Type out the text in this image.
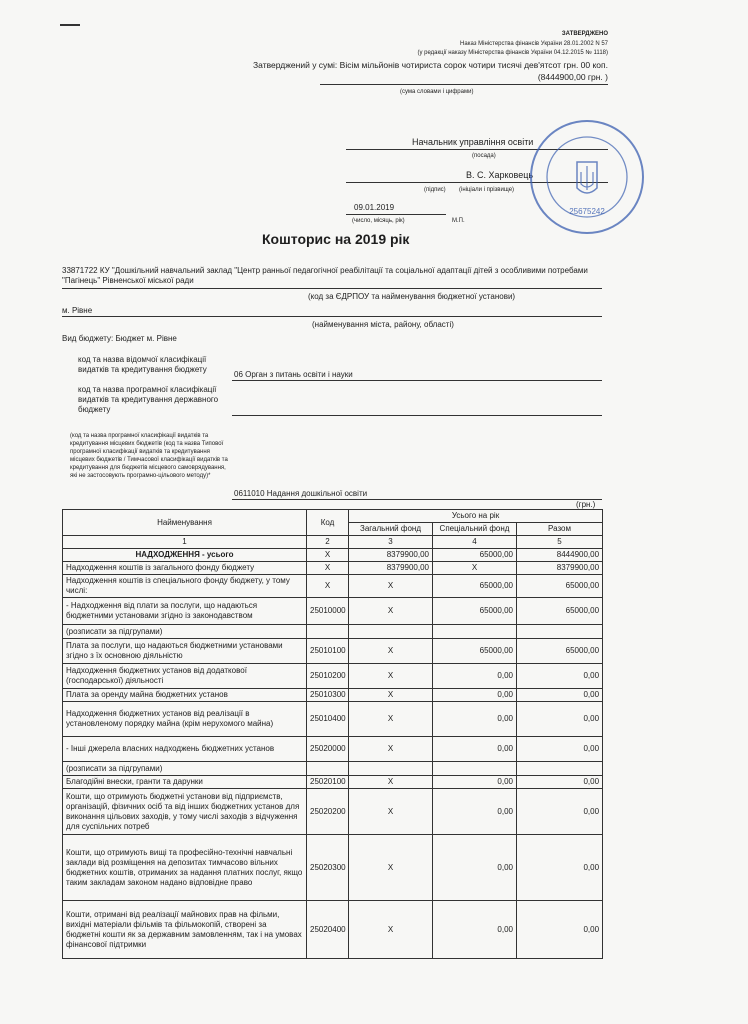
ЗАТВЕРДЖЕНО
Наказ Міністерства фінансів України 28.01.2002 N 57
(у редакції наказу Міністерства фінансів України 04.12.2015 № 1118)
Затверджений у сумі: Вісім мільйонів чотириста сорок чотири тисячі дев'ятсот грн. 00 коп.
(8444900,00 грн. )
(сума словами і цифрами)
Начальник управління освіти
(посада)
В. С. Харковець
(підпис)        (ініціали і прізвище)
09.01.2019
(число, місяць, рік)	М.П.
25675242
Кошторис на 2019 рік
33871722 КУ "Дошкільний навчальний заклад "Центр ранньої педагогічної реабілітації та соціальної адаптації дітей з особливими потребами "Пагінець" Рівненської міської ради
(код за ЄДРПОУ та найменування бюджетної установи)
м. Рівне
(найменування міста, району, області)
Вид бюджету: Бюджет м. Рівне
код та назва відомчої класифікації видатків та кредитування бюджету
06 Орган з питань освіти і науки
код та назва програмної класифікації видатків та кредитування державного бюджету
(код та назва програмної класифікації видатків та кредитування місцевих бюджетів (код та назва Типової програмної класифікації видатків та кредитування місцевих бюджетів / Тимчасової класифікації видатків та кредитування для бюджетів місцевого самоврядування, які не застосовують програмно-цільового методу)*
0611010 Надання дошкільної освіти
(грн.)
Найменування	Код	Усього на рік		
		Загальний фонд	Спеціальний фонд	Разом
1	2	3	4	5
НАДХОДЖЕННЯ - усього	X	8379900,00	65000,00	8444900,00
Надходження коштів із загального фонду бюджету	X	8379900,00	X	8379900,00
Надходження коштів із спеціального фонду бюджету, у тому числі:	X	X	65000,00	65000,00
- Надходження від плати за послуги, що надаються бюджетними установами згідно із законодавством	25010000	X	65000,00	65000,00
(розписати за підгрупами)				
Плата за послуги, що надаються бюджетними установами згідно з їх основною діяльністю	25010100	X	65000,00	65000,00
Надходження бюджетних установ від додаткової (господарської) діяльності	25010200	X	0,00	0,00
Плата за оренду майна бюджетних установ	25010300	X	0,00	0,00
Надходження бюджетних установ від реалізації в установленому порядку майна (крім нерухомого майна)	25010400	X	0,00	0,00
- Інші джерела власних надходжень бюджетних установ	25020000	X	0,00	0,00
(розписати за підгрупами)				
Благодійні внески, гранти та дарунки	25020100	X	0,00	0,00
Кошти, що отримують бюджетні установи від підприємств, організацій, фізичних осіб та від інших бюджетних установ для виконання цільових заходів, у тому числі заходів з відчуження для суспільних потреб	25020200	X	0,00	0,00
Кошти, що отримують вищі та професійно-технічні навчальні заклади від розміщення на депозитах тимчасово вільних бюджетних коштів, отриманих за надання платних послуг, якщо таким закладам законом надано відповідне право	25020300	X	0,00	0,00
Кошти, отримані від реалізації майнових прав на фільми, вихідні матеріали фільмів та фільмокопій, створені за бюджетні кошти як за державним замовленням, так і на умовах фінансової підтримки	25020400	X	0,00	0,00
